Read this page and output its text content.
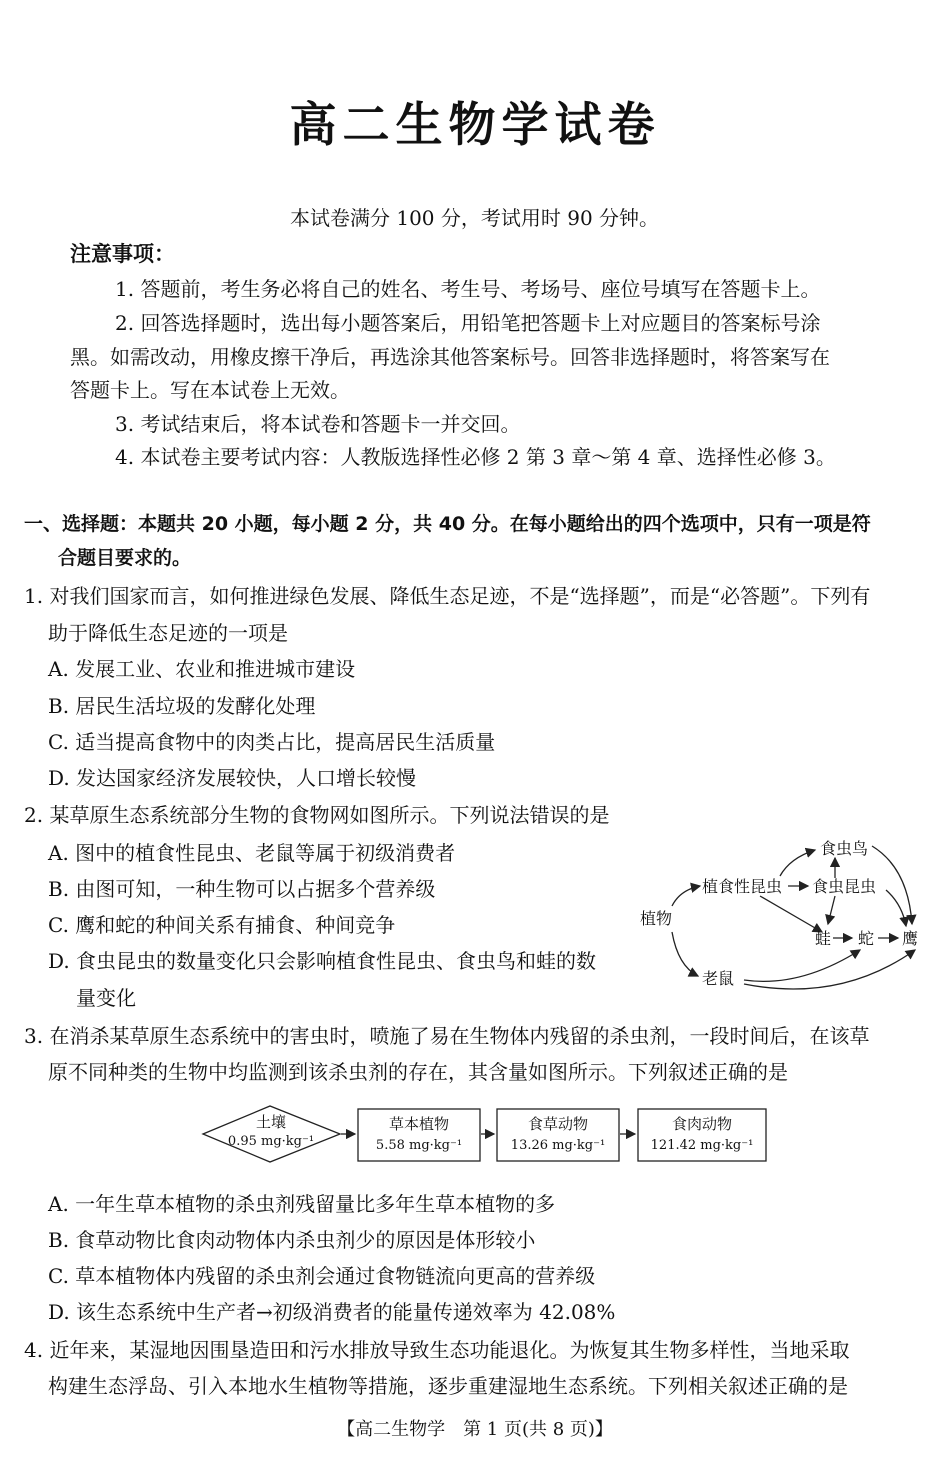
高二生物学试卷
本试卷满分 100 分，考试用时 90 分钟。
注意事项：
1. 答题前，考生务必将自己的姓名、考生号、考场号、座位号填写在答题卡上。
2. 回答选择题时，选出每小题答案后，用铅笔把答题卡上对应题目的答案标号涂
黑。如需改动，用橡皮擦干净后，再选涂其他答案标号。回答非选择题时，将答案写在
答题卡上。写在本试卷上无效。
3. 考试结束后，将本试卷和答题卡一并交回。
4. 本试卷主要考试内容：人教版选择性必修 2 第 3 章～第 4 章、选择性必修 3。
一、选择题：本题共 20 小题，每小题 2 分，共 40 分。在每小题给出的四个选项中，只有一项是符
合题目要求的。
1. 对我们国家而言，如何推进绿色发展、降低生态足迹，不是“选择题”，而是“必答题”。下列有
助于降低生态足迹的一项是
A. 发展工业、农业和推进城市建设
B. 居民生活垃圾的发酵化处理
C. 适当提高食物中的肉类占比，提高居民生活质量
D. 发达国家经济发展较快，人口增长较慢
2. 某草原生态系统部分生物的食物网如图所示。下列说法错误的是
A. 图中的植食性昆虫、老鼠等属于初级消费者
B. 由图可知，一种生物可以占据多个营养级
C. 鹰和蛇的种间关系有捕食、种间竞争
D. 食虫昆虫的数量变化只会影响植食性昆虫、食虫鸟和蛙的数
量变化
植物
植食性昆虫
食虫鸟
食虫昆虫
蛙 蛇 鹰
老鼠
3. 在消杀某草原生态系统中的害虫时，喷施了易在生物体内残留的杀虫剂，一段时间后，在该草
原不同种类的生物中均监测到该杀虫剂的存在，其含量如图所示。下列叙述正确的是
土壤
0.95 mg·kg⁻¹
草本植物
5.58 mg·kg⁻¹
食草动物
13.26 mg·kg⁻¹
食肉动物
121.42 mg·kg⁻¹
A. 一年生草本植物的杀虫剂残留量比多年生草本植物的多
B. 食草动物比食肉动物体内杀虫剂少的原因是体形较小
C. 草本植物体内残留的杀虫剂会通过食物链流向更高的营养级
D. 该生态系统中生产者→初级消费者的能量传递效率为 42.08%
4. 近年来，某湿地因围垦造田和污水排放导致生态功能退化。为恢复其生物多样性，当地采取
构建生态浮岛、引入本地水生植物等措施，逐步重建湿地生态系统。下列相关叙述正确的是
【高二生物学　第 1 页(共 8 页)】
